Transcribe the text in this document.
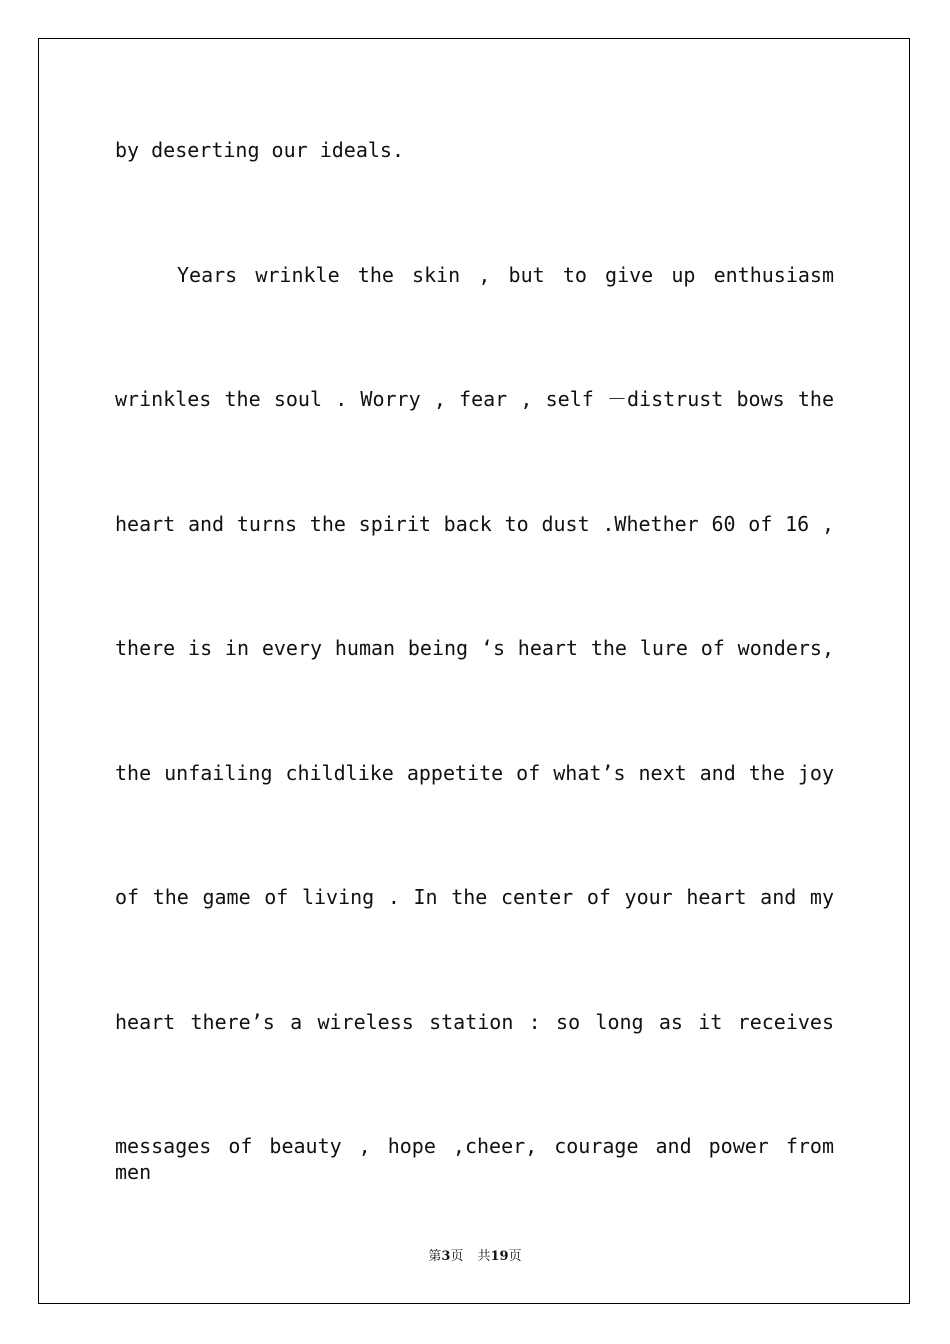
by deserting our ideals.
Years wrinkle the skin , but to give up enthusiasm
wrinkles the soul . Worry , fear , self －distrust bows the
heart and turns the spirit back to dust .Whether 60 of 16 ,
there is in every human being ‘s heart the lure of wonders,
the unfailing childlike appetite of what’s next and the joy
of the game of living . In the center of your heart and my
heart there’s a wireless station : so long as it receives
messages of beauty , hope ,cheer, courage and power from men
第3页 共19页
